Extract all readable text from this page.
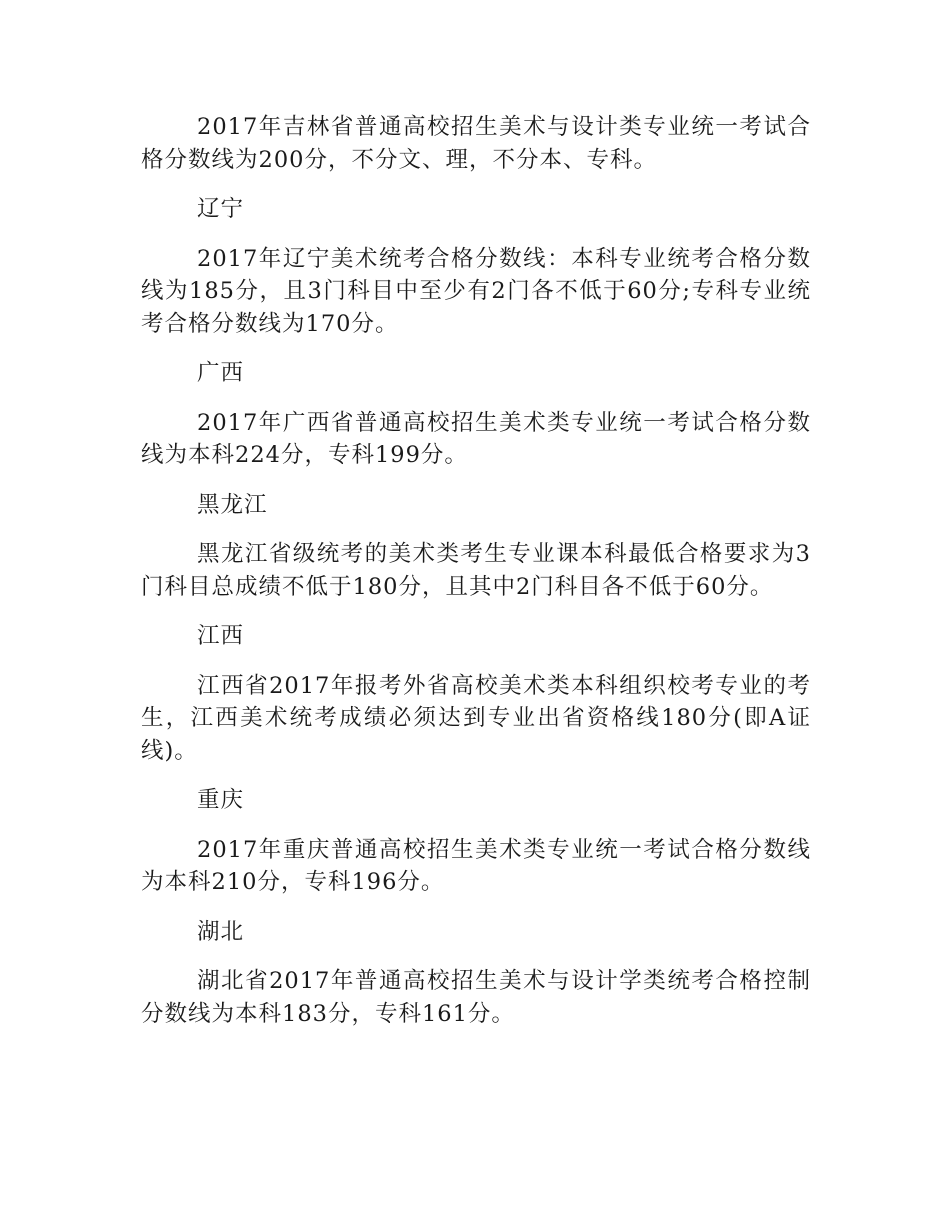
2017年吉林省普通高校招生美术与设计类专业统一考试合格分数线为200分，不分文、理，不分本、专科。

辽宁

2017年辽宁美术统考合格分数线：本科专业统考合格分数线为185分，且3门科目中至少有2门各不低于60分;专科专业统考合格分数线为170分。

广西

2017年广西省普通高校招生美术类专业统一考试合格分数线为本科224分，专科199分。

黑龙江

黑龙江省级统考的美术类考生专业课本科最低合格要求为3门科目总成绩不低于180分，且其中2门科目各不低于60分。

江西

江西省2017年报考外省高校美术类本科组织校考专业的考生，江西美术统考成绩必须达到专业出省资格线180分(即A证线)。

重庆

2017年重庆普通高校招生美术类专业统一考试合格分数线为本科210分，专科196分。

湖北

湖北省2017年普通高校招生美术与设计学类统考合格控制分数线为本科183分，专科161分。
